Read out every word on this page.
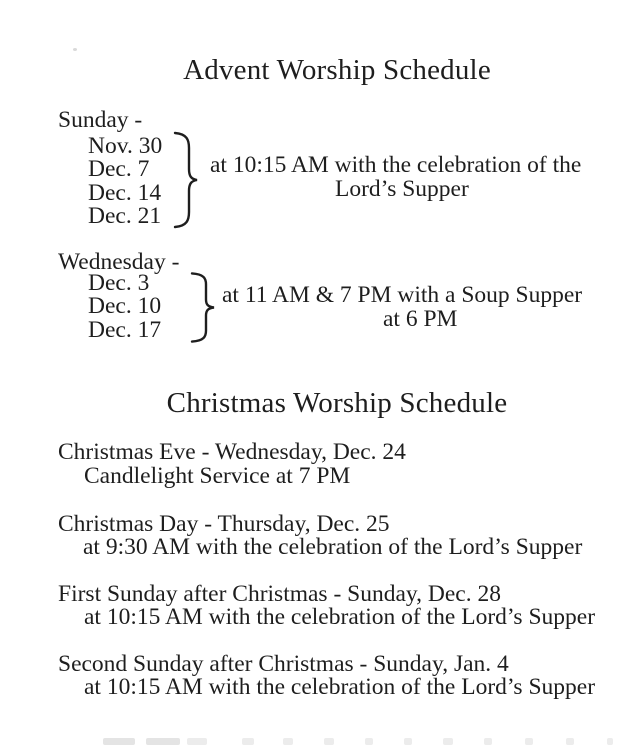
Advent Worship Schedule
Sunday -
Nov. 30
Dec. 7
Dec. 14
Dec. 21
at 10:15 AM with the celebration of the
Lord’s Supper
Wednesday -
Dec. 3
Dec. 10
Dec. 17
at 11 AM & 7 PM with a Soup Supper
at 6 PM
Christmas Worship Schedule
Christmas Eve - Wednesday, Dec. 24
Candlelight Service at 7 PM
Christmas Day - Thursday, Dec. 25
at 9:30 AM with the celebration of the Lord’s Supper
First Sunday after Christmas - Sunday, Dec. 28
at 10:15 AM with the celebration of the Lord’s Supper
Second Sunday after Christmas - Sunday, Jan. 4
at 10:15 AM with the celebration of the Lord’s Supper
